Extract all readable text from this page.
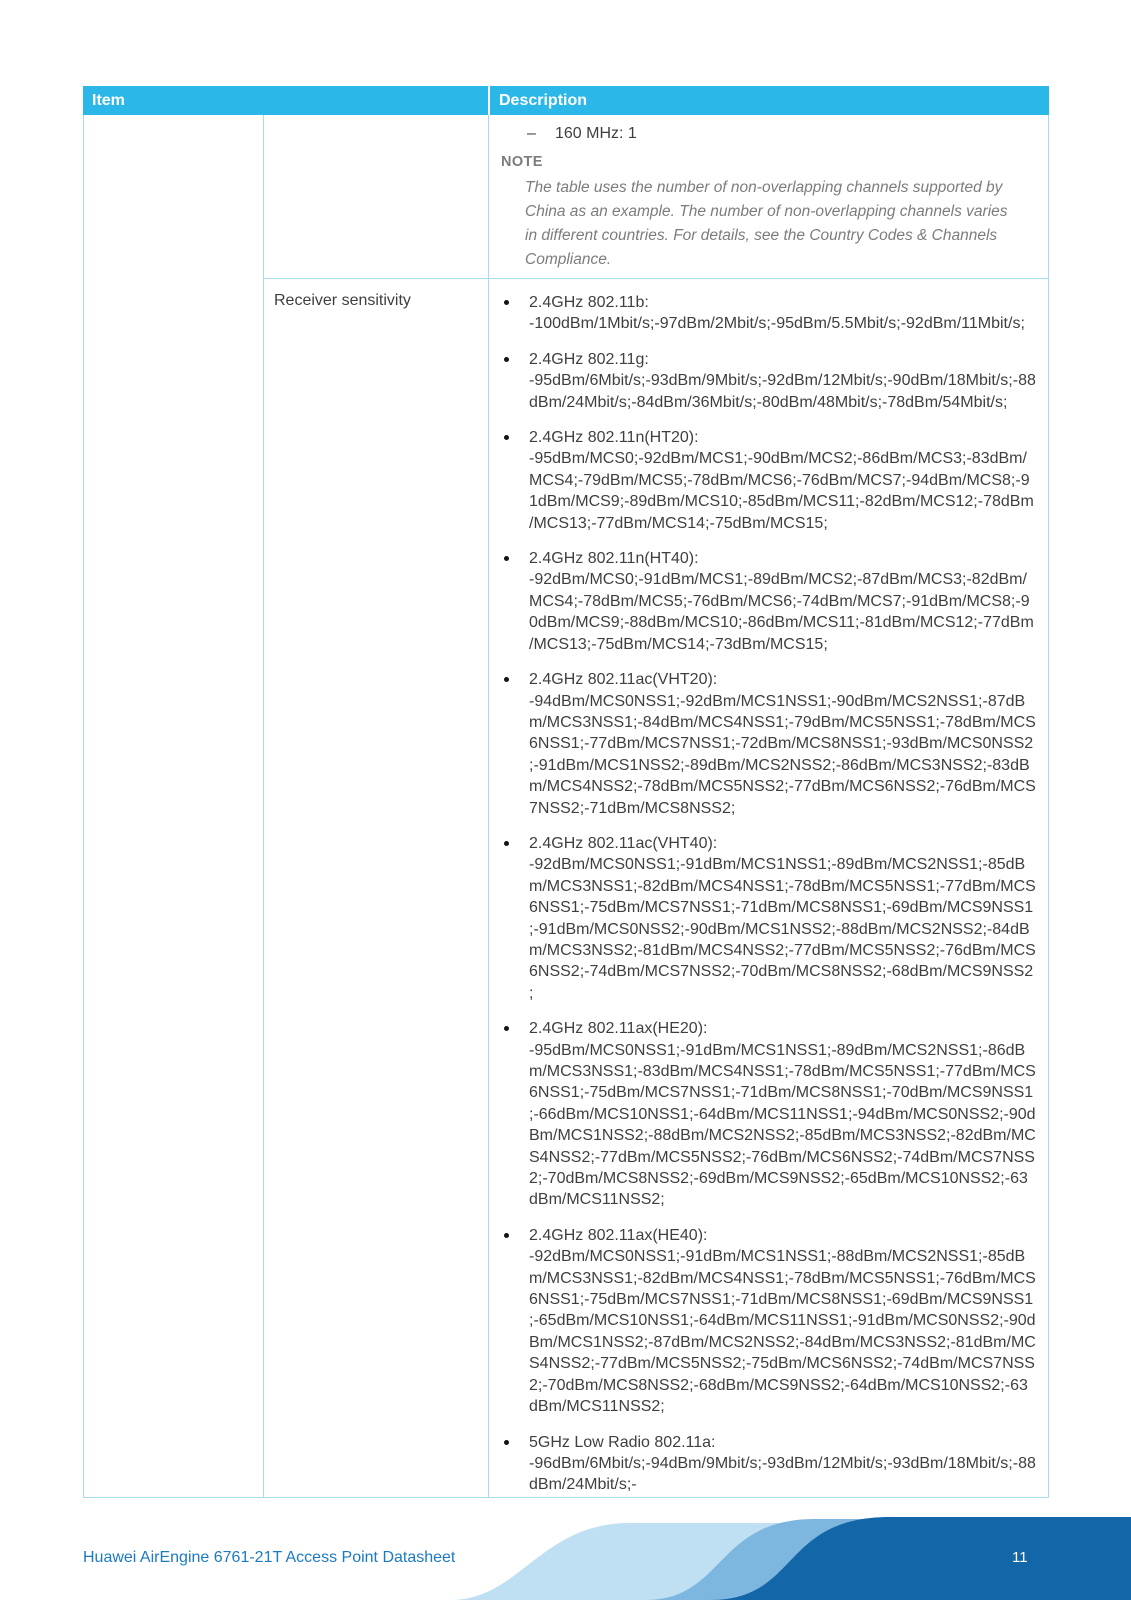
Item	Description
–	160 MHz: 1
NOTE
The table uses the number of non-overlapping channels supported by China as an example. The number of non-overlapping channels varies in different countries. For details, see the Country Codes & Channels Compliance.
Receiver sensitivity	2.4GHz 802.11b: -100dBm/1Mbit/s;-97dBm/2Mbit/s;-95dBm/5.5Mbit/s;-92dBm/11Mbit/s;
2.4GHz 802.11g: -95dBm/6Mbit/s;-93dBm/9Mbit/s;-92dBm/12Mbit/s;-90dBm/18Mbit/s;-88dBm/24Mbit/s;-84dBm/36Mbit/s;-80dBm/48Mbit/s;-78dBm/54Mbit/s;
2.4GHz 802.11n(HT20): -95dBm/MCS0;-92dBm/MCS1;-90dBm/MCS2;-86dBm/MCS3;-83dBm/MCS4;-79dBm/MCS5;-78dBm/MCS6;-76dBm/MCS7;-94dBm/MCS8;-91dBm/MCS9;-89dBm/MCS10;-85dBm/MCS11;-82dBm/MCS12;-78dBm/MCS13;-77dBm/MCS14;-75dBm/MCS15;
2.4GHz 802.11n(HT40): -92dBm/MCS0;-91dBm/MCS1;-89dBm/MCS2;-87dBm/MCS3;-82dBm/MCS4;-78dBm/MCS5;-76dBm/MCS6;-74dBm/MCS7;-91dBm/MCS8;-90dBm/MCS9;-88dBm/MCS10;-86dBm/MCS11;-81dBm/MCS12;-77dBm/MCS13;-75dBm/MCS14;-73dBm/MCS15;
2.4GHz 802.11ac(VHT20): -94dBm/MCS0NSS1;-92dBm/MCS1NSS1;-90dBm/MCS2NSS1;-87dBm/MCS3NSS1;-84dBm/MCS4NSS1;-79dBm/MCS5NSS1;-78dBm/MCS6NSS1;-77dBm/MCS7NSS1;-72dBm/MCS8NSS1;-93dBm/MCS0NSS2;-91dBm/MCS1NSS2;-89dBm/MCS2NSS2;-86dBm/MCS3NSS2;-83dBm/MCS4NSS2;-78dBm/MCS5NSS2;-77dBm/MCS6NSS2;-76dBm/MCS7NSS2;-71dBm/MCS8NSS2;
2.4GHz 802.11ac(VHT40): -92dBm/MCS0NSS1;-91dBm/MCS1NSS1;-89dBm/MCS2NSS1;-85dBm/MCS3NSS1;-82dBm/MCS4NSS1;-78dBm/MCS5NSS1;-77dBm/MCS6NSS1;-75dBm/MCS7NSS1;-71dBm/MCS8NSS1;-69dBm/MCS9NSS1;-91dBm/MCS0NSS2;-90dBm/MCS1NSS2;-88dBm/MCS2NSS2;-84dBm/MCS3NSS2;-81dBm/MCS4NSS2;-77dBm/MCS5NSS2;-76dBm/MCS6NSS2;-74dBm/MCS7NSS2;-70dBm/MCS8NSS2;-68dBm/MCS9NSS2;
2.4GHz 802.11ax(HE20): -95dBm/MCS0NSS1;-91dBm/MCS1NSS1;-89dBm/MCS2NSS1;-86dBm/MCS3NSS1;-83dBm/MCS4NSS1;-78dBm/MCS5NSS1;-77dBm/MCS6NSS1;-75dBm/MCS7NSS1;-71dBm/MCS8NSS1;-70dBm/MCS9NSS1;-66dBm/MCS10NSS1;-64dBm/MCS11NSS1;-94dBm/MCS0NSS2;-90dBm/MCS1NSS2;-88dBm/MCS2NSS2;-85dBm/MCS3NSS2;-82dBm/MCS4NSS2;-77dBm/MCS5NSS2;-76dBm/MCS6NSS2;-74dBm/MCS7NSS2;-70dBm/MCS8NSS2;-69dBm/MCS9NSS2;-65dBm/MCS10NSS2;-63dBm/MCS11NSS2;
2.4GHz 802.11ax(HE40): -92dBm/MCS0NSS1;-91dBm/MCS1NSS1;-88dBm/MCS2NSS1;-85dBm/MCS3NSS1;-82dBm/MCS4NSS1;-78dBm/MCS5NSS1;-76dBm/MCS6NSS1;-75dBm/MCS7NSS1;-71dBm/MCS8NSS1;-69dBm/MCS9NSS1;-65dBm/MCS10NSS1;-64dBm/MCS11NSS1;-91dBm/MCS0NSS2;-90dBm/MCS1NSS2;-87dBm/MCS2NSS2;-84dBm/MCS3NSS2;-81dBm/MCS4NSS2;-77dBm/MCS5NSS2;-75dBm/MCS6NSS2;-74dBm/MCS7NSS2;-70dBm/MCS8NSS2;-68dBm/MCS9NSS2;-64dBm/MCS10NSS2;-63dBm/MCS11NSS2;
5GHz Low Radio 802.11a: -96dBm/6Mbit/s;-94dBm/9Mbit/s;-93dBm/12Mbit/s;-93dBm/18Mbit/s;-88dBm/24Mbit/s;-
Huawei AirEngine 6761-21T Access Point Datasheet	11
